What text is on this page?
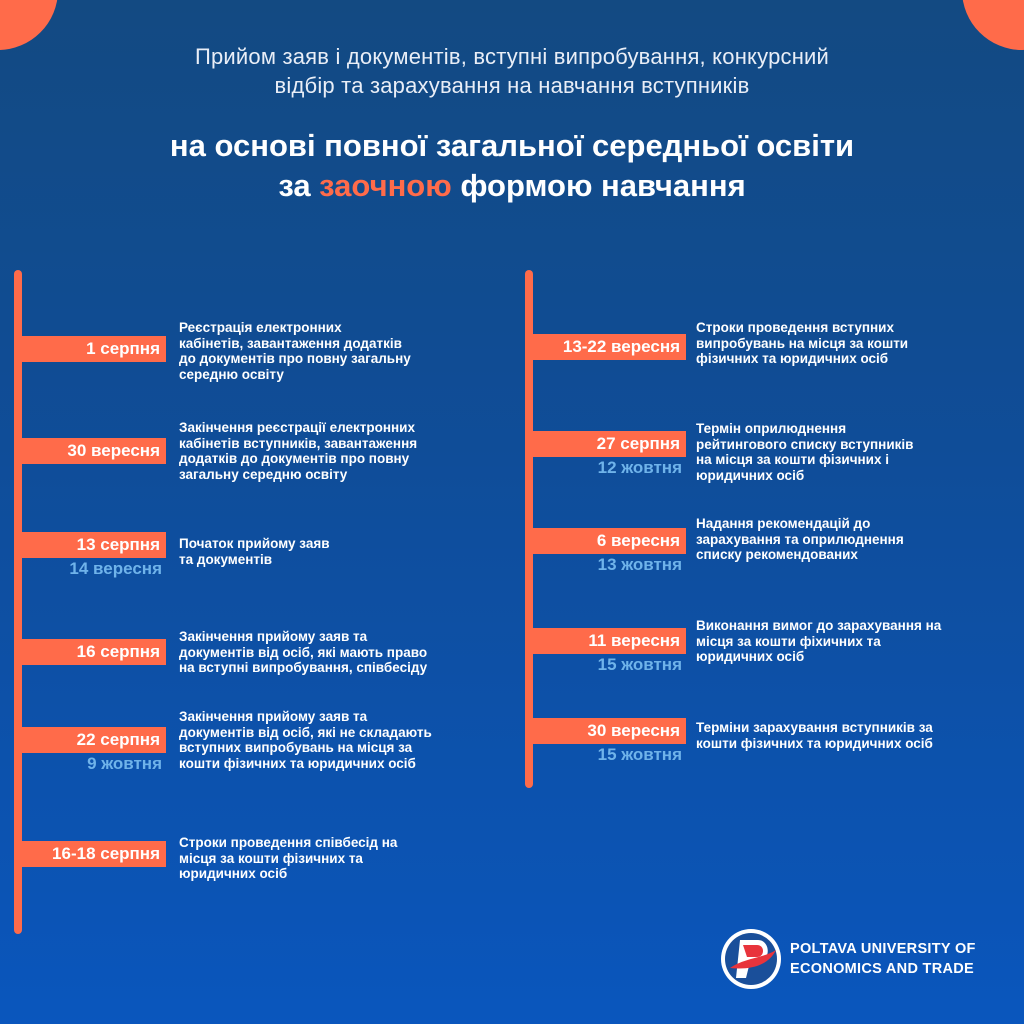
Прийом заяв і документів, вступні випробування, конкурсний
відбір та зарахування на навчання вступників
на основі повної загальної середньої освіти
за заочною формою навчання
1 серпня
Реєстрація електронних
кабінетів, завантаження додатків
до документів про повну загальну
середню освіту
30 вересня
Закінчення реєстрації електронних
кабінетів вступників, завантаження
додатків до документів про повну
загальну середню освіту
13 серпня
14 вересня
Початок прийому заяв
та документів
16 серпня
Закінчення прийому заяв та
документів від осіб, які мають право
на вступні випробування, співбесіду
22 серпня
9 жовтня
Закінчення прийому заяв та
документів від осіб, які не складають
вступних випробувань на місця за
кошти фізичних та юридичних осіб
16-18 серпня
Строки проведення співбесід на
місця за кошти фізичних та
юридичних осіб
13-22 вересня
Строки проведення вступних
випробувань на місця за кошти
фізичних та юридичних осіб
27 серпня
12 жовтня
Термін оприлюднення
рейтингового списку вступників
на місця за кошти фізичних і
юридичних осіб
6 вересня
13 жовтня
Надання рекомендацій до
зарахування та оприлюднення
списку рекомендованих
11 вересня
15 жовтня
Виконання вимог до зарахування на
місця за кошти фіхичних та
юридичних осіб
30 вересня
15 жовтня
Терміни зарахування вступників за
кошти фізичних та юридичних осіб
POLTAVA UNIVERSITY OF
ECONOMICS AND TRADE
